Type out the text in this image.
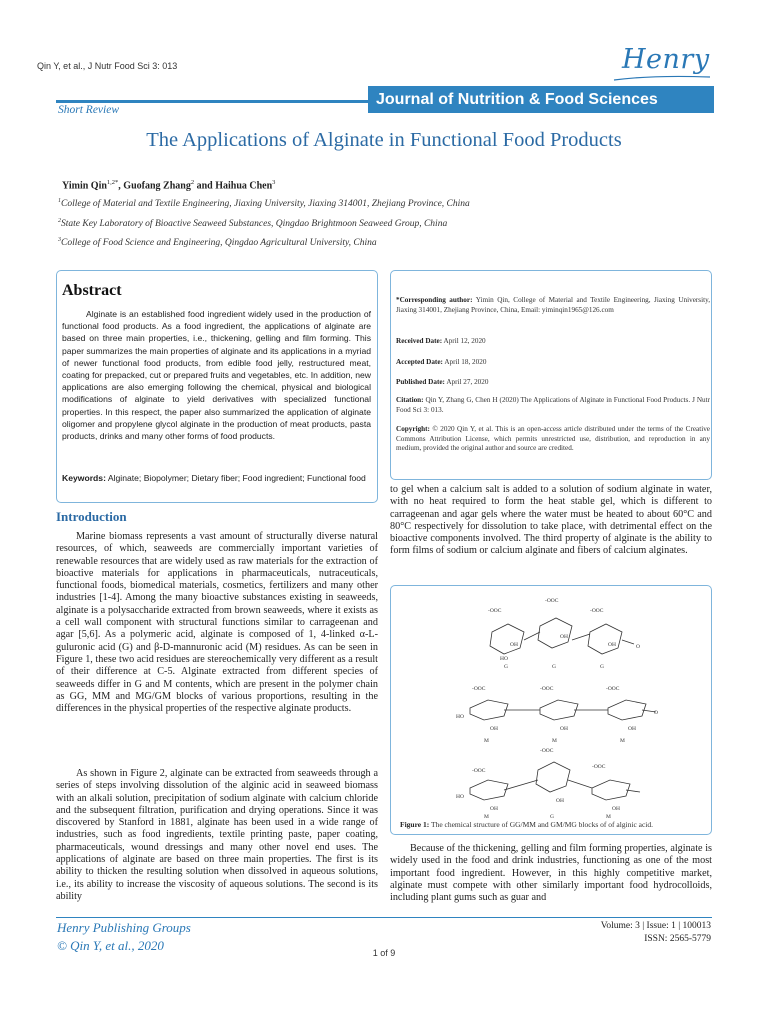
Qin Y, et al., J Nutr Food Sci 3: 013	Henry
Journal of Nutrition & Food Sciences
Short Review
The Applications of Alginate in Functional Food Products
Yimin Qin$^{1,2*}$, Guofang Zhang$^2$ and Haihua Chen$^3$
$^1$College of Material and Textile Engineering, Jiaxing University, Jiaxing 314001, Zhejiang Province, China
$^2$State Key Laboratory of Bioactive Seaweed Substances, Qingdao Brightmoon Seaweed Group, China
$^3$College of Food Science and Engineering, Qingdao Agricultural University, China
Abstract
Alginate is an established food ingredient widely used in the production of functional food products. As a food ingredient, the applications of alginate are based on three main properties, i.e., thickening, gelling and film forming. This paper summarizes the main properties of alginate and its applications in a myriad of newer functional food products, from edible food jelly, restructured meat, coating for prepacked, cut or prepared fruits and vegetables, etc. In addition, new applications are also emerging following the chemical, physical and biological modifications of alginate to yield derivatives with specialized functional properties. In this respect, the paper also summarized the application of alginate oligomer and propylene glycol alginate in the production of meat products, pasta products, drinks and many other forms of food products.
Keywords: Alginate; Biopolymer; Dietary fiber; Food ingredient; Functional food
*Corresponding author: Yimin Qin, College of Material and Textile Engineering, Jiaxing University, Jiaxing 314001, Zhejiang Province, China, Email: yiminqin1965@126.com
Received Date: April 12, 2020
Accepted Date: April 18, 2020
Published Date: April 27, 2020
Citation: Qin Y, Zhang G, Chen H (2020) The Applications of Alginate in Functional Food Products. J Nutr Food Sci 3: 013.
Copyright: © 2020 Qin Y, et al. This is an open-access article distributed under the terms of the Creative Commons Attribution License, which permits unrestricted use, distribution, and reproduction in any medium, provided the original author and source are credited.
Introduction
Marine biomass represents a vast amount of structurally diverse natural resources, of which, seaweeds are commercially important varieties of renewable resources that are widely used as raw materials for the extraction of bioactive materials for applications in pharmaceuticals, nutraceuticals, functional foods, biomedical materials, cosmetics, fertilizers and many other industries [1-4]. Among the many bioactive substances existing in seaweeds, alginate is a polysaccharide extracted from brown seaweeds, where it exists as a cell wall component with structural functions similar to carrageenan and agar [5,6]. As a polymeric acid, alginate is composed of 1, 4-linked α-L-guluronic acid (G) and β-D-mannuronic acid (M) residues. As can be seen in Figure 1, these two acid residues are stereochemically very different as a result of their difference at C-5. Alginate extracted from different species of seaweeds differ in G and M contents, which are present in the polymer chain as GG, MM and MG/GM blocks of various proportions, resulting in the differences in the physical properties of the respective alginate products.
As shown in Figure 2, alginate can be extracted from seaweeds through a series of steps involving dissolution of the alginic acid in seaweed biomass with an alkali solution, precipitation of sodium alginate with calcium chloride and the subsequent filtration, purification and drying operations. Since it was discovered by Stanford in 1881, alginate has been used in a wide range of industries, such as food ingredients, textile printing paste, paper coating, pharmaceuticals, wound dressings and many other novel end uses. The applications of alginate are based on three main properties. The first is its ability to thicken the resulting solution when dissolved in aqueous solutions, i.e., its ability to increase the viscosity of aqueous solutions. The second is its ability
to gel when a calcium salt is added to a solution of sodium alginate in water, with no heat required to form the heat stable gel, which is different to carrageenan and agar gels where the water must be heated to about 60°C and 80°C respectively for dissolution to take place, with detrimental effect on the bioactive components involved. The third property of alginate is the ability to form films of sodium or calcium alginate and fibers of calcium alginates.
Because of the thickening, gelling and film forming properties, alginate is widely used in the food and drink industries, functioning as one of the most important food ingredient. However, in this highly competitive market, alginate must compete with other similarly important food hydrocolloids, including plant gums such as guar and
-OOC
-OOC
-OOC
OH
OH
OH
HO
O
G	G	G
-OOC	-OOC	-OOC
HO
OH	OH	OH
O
M	M	M
-OOC
-OOC
-OOC
HO
OH
OH
OH
M	G	M
Figure 1: The chemical structure of GG/MM and GM/MG blocks of of alginic acid.
Henry Publishing Groups
© Qin Y, et al., 2020
Volume: 3 | Issue: 1 | 100013
ISSN: 2565-5779
1 of 9
